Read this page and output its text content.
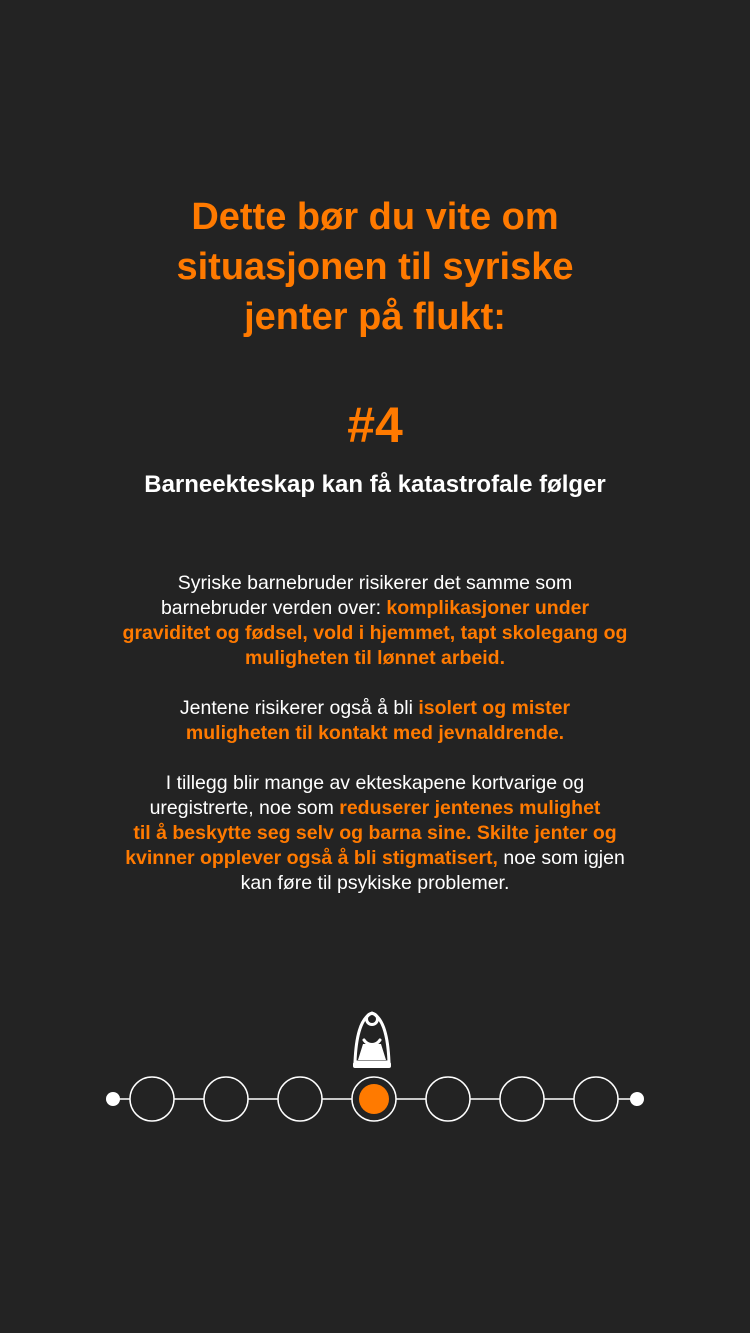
Dette bør du vite om
situasjonen til syriske
jenter på flukt:
#4
Barneekteskap kan få katastrofale følger
Syriske barnebruder risikerer det samme som
barnebruder verden over: komplikasjoner under
graviditet og fødsel, vold i hjemmet, tapt skolegang og
muligheten til lønnet arbeid.
Jentene risikerer også å bli isolert og mister
muligheten til kontakt med jevnaldrende.
I tillegg blir mange av ekteskapene kortvarige og
uregistrerte, noe som reduserer jentenes mulighet
til å beskytte seg selv og barna sine. Skilte jenter og
kvinner opplever også å bli stigmatisert, noe som igjen
kan føre til psykiske problemer.
